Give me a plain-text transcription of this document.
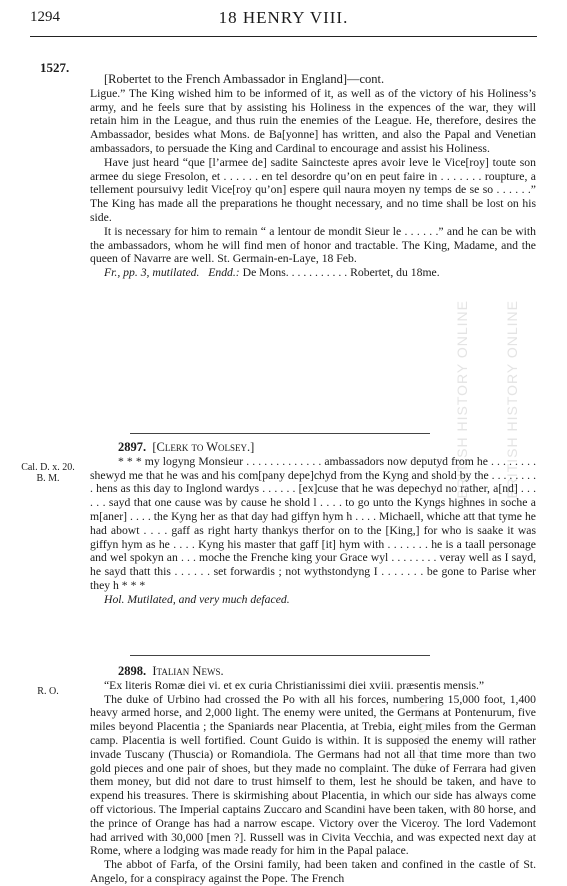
BRITISH HISTORY ONLINE	BRITISH HISTORY ONLINE
HISTORY
1294	18 HENRY VIII.
1527.

[Robertet to the French Ambassador in England]—cont.

Ligue.” The King wished him to be informed of it, as well as of the victory of his Holiness’s army, and he feels sure that by assisting his Holiness in the expences of the war, they will retain him in the League, and thus ruin the enemies of the League. He, therefore, desires the Ambassador, besides what Mons. de Ba[yonne] has written, and also the Papal and Venetian ambassadors, to persuade the King and Cardinal to encourage and assist his Holiness.

Have just heard “que [l’armee de] sadite Saincteste apres avoir leve le Vice[roy] toute son armee du siege Fresolon, et . . . . . . en tel desordre qu’on en peut faire in . . . . . . . roupture, a tellement poursuivy ledit Vice[roy qu’on] espere quil naura moyen ny temps de se so . . . . . .” The King has made all the preparations he thought necessary, and no time shall be lost on his side.

It is necessary for him to remain “ a lentour de mondit Sieur le . . . . . .” and he can be with the ambassadors, whom he will find men of honor and tractable. The King, Madame, and the queen of Navarre are well. St. Germain-en-Laye, 18 Feb.

Fr., pp. 3, mutilated. Endd.: De Mons. . . . . . . . . . . Robertet, du 18me.

Cal. D. x. 20.
B. M.

2897. [Clerk to Wolsey.]

* * * my logyng Monsieur . . . . . . . . . . . . . ambassadors now deputyd from he . . . . . . . . shewyd me that he was and his com[pany depe]chyd from the Kyng and shold by the . . . . . . . . . hens as this day to Inglond wardys . . . . . . [ex]cuse that he was depechyd no rather, a[nd] . . . . . . sayd that one cause was by cause he shold l . . . . to go unto the Kyngs highnes in soche a m[aner] . . . . the Kyng her as that day had giffyn hym h . . . . Michaell, whiche att that tyme he had abowt . . . . gaff as right harty thankys therfor on to the [King,] for who is saake it was giffyn hym as he . . . . Kyng his master that gaff [it] hym with . . . . . . . he is a taall personage and wel spokyn an . . . moche the Frenche king your Grace wyl . . . . . . . . veray well as I sayd, he sayd thatt this . . . . . . set forwardis ; not wythstondyng I . . . . . . . be gone to Parise wher they h * * *

Hol. Mutilated, and very much defaced.

R. O.

2898. Italian News.

“Ex literis Romæ diei vi. et ex curia Christianissimi diei xviii. præsentis mensis.”

The duke of Urbino had crossed the Po with all his forces, numbering 15,000 foot, 1,400 heavy armed horse, and 2,000 light. The enemy were united, the Germans at Pontenurum, five miles beyond Placentia ; the Spaniards near Placentia, at Trebia, eight miles from the German camp. Placentia is well fortified. Count Guido is within. It is supposed the enemy will rather invade Tuscany (Thuscia) or Romandiola. The Germans had not all that time more than two gold pieces and one pair of shoes, but they made no complaint. The duke of Ferrara had given them money, but did not dare to trust himself to them, lest he should be taken, and have to expend his treasures. There is skirmishing about Placentia, in which our side has always come off victorious. The Imperial captains Zuccaro and Scandini have been taken, with 80 horse, and the prince of Orange has had a narrow escape. Victory over the Viceroy. The lord Vademont had arrived with 30,000 [men ?]. Russell was in Civita Vecchia, and was expected next day at Rome, where a lodging was made ready for him in the Papal palace.

The abbot of Farfa, of the Orsini family, had been taken and confined in the castle of St. Angelo, for a conspiracy against the Pope. The French
